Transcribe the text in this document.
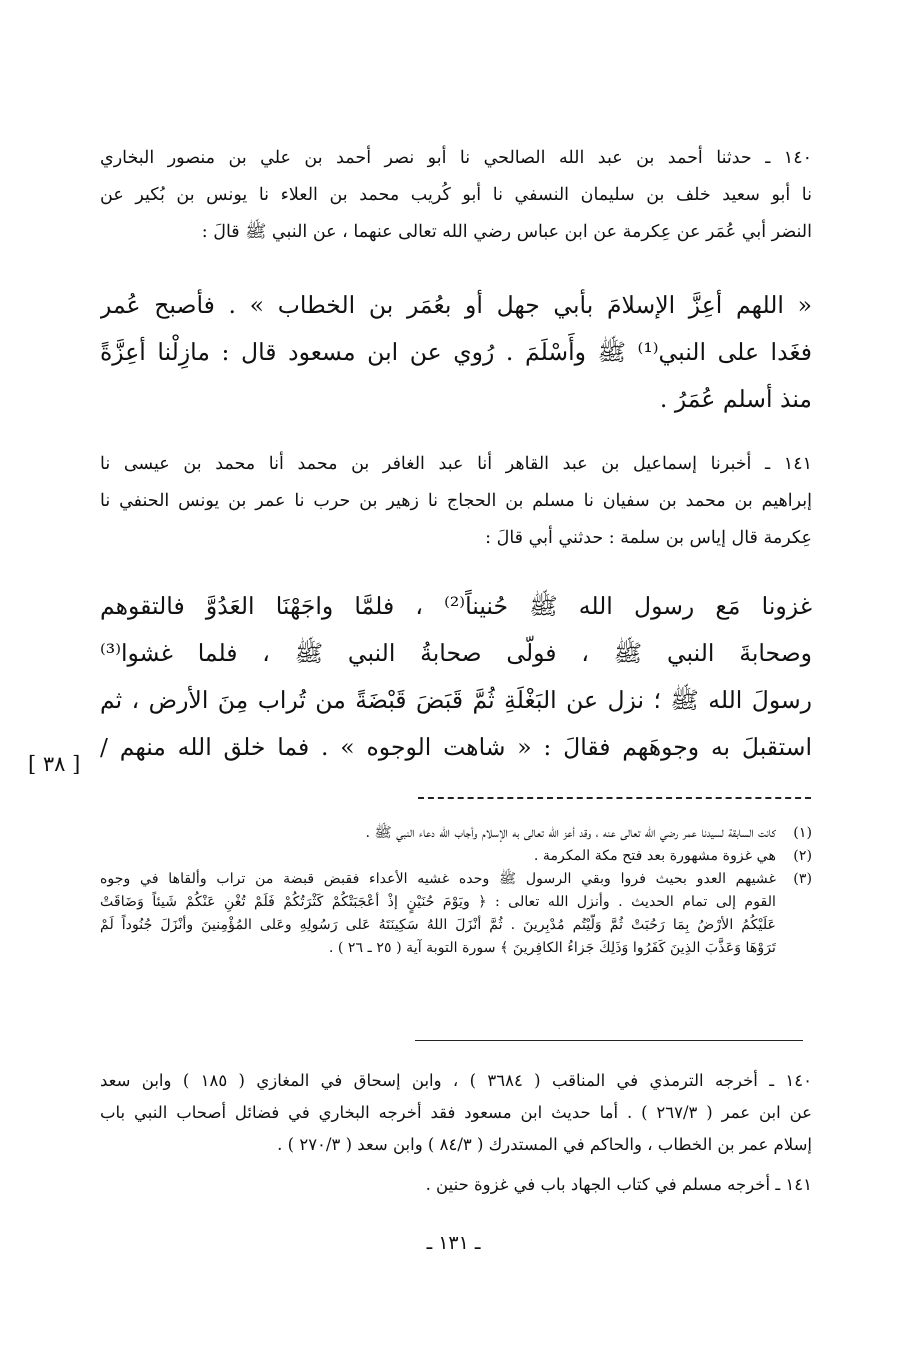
١٤٠ ـ حدثنا أحمد بن عبد الله الصالحي نا أبو نصر أحمد بن علي بن منصور البخاري
نا أبو سعيد خلف بن سليمان النسفي نا أبو كُريب محمد بن العلاء نا يونس بن بُكير عن
النضر أبي عُمَر عن عِكرمة عن ابن عباس رضي الله تعالى عنهما ، عن النبي ﷺ قالَ :
« اللهم أعِزَّ الإسلامَ بأبي جهل أو بعُمَر بن الخطاب » . فأصبح عُمر
فغَدا على النبي⁽¹⁾ ﷺ وأَسْلَمَ . رُوي عن ابن مسعود قال : مازِلْنا أعِزَّةً
منذ أسلم عُمَرُ .
١٤١ ـ أخبرنا إسماعيل بن عبد القاهر أنا عبد الغافر بن محمد أنا محمد بن عيسى نا
إبراهيم بن محمد بن سفيان نا مسلم بن الحجاج نا زهير بن حرب نا عمر بن يونس الحنفي نا
عِكرمة قال إياس بن سلمة : حدثني أبي قالَ :
غزونا مَع رسول الله ﷺ حُنيناً⁽²⁾ ، فلمَّا واجَهْنَا العَدُوَّ فالتقوهم
وصحابةَ النبي ﷺ ، فولّى صحابةُ النبي ﷺ ، فلما غشوا⁽³⁾
رسولَ الله ﷺ ؛ نزل عن البَغْلَةِ ثُمَّ قَبَضَ قَبْضَةً من تُراب مِنَ الأرض ، ثم
استقبلَ به وجوهَهم فقالَ : « شاهت الوجوه » . فما خلق الله منهم /
[ ٣٨ ]
(١)
كانت السابقة لسيدنا عمر رضي الله تعالى عنه ، وقد أعز الله تعالى به الإسلام وأجاب الله دعاء النبي ﷺ .
(٢)
هي غزوة مشهورة بعد فتح مكة المكرمة .
(٣)
غشيهم العدو بحيث فروا وبقي الرسول ﷺ وحده غشيه الأعداء فقبض قبضة من تراب وألقاها في وجوه
القوم إلى تمام الحديث . وأنزل الله تعالى : ﴿ ويَوْمَ حُنَيْنٍ إذْ أعْجَبَتْكُمْ كَثْرَتُكُمْ فَلَمْ تُغْنِ عَنْكُمْ شَيئاً وَضَاقَتْ
عَلَيْكُمُ الأرْضُ بِمَا رَحُبَتْ ثُمَّ وَلَّيْتُم مُدْبِرينَ . ثُمَّ أنْزَلَ اللهُ سَكِينَتَهُ عَلى رَسُولِهِ وعَلى المُؤْمِنينَ وأنْزَلَ جُنُوداً لَمْ
تَرَوْهَا وَعَذَّبَ الذِينَ كَفَرُوا وَذَلِكَ جَزاءُ الكافِرينَ ﴾ سورة التوبة آية ( ٢٥ ـ ٢٦ ) .
١٤٠ ـ أخرجه الترمذي في المناقب ( ٣٦٨٤ ) ، وابن إسحاق في المغازي ( ١٨٥ ) وابن سعد
عن ابن عمر ( ٢٦٧/٣ ) . أما حديث ابن مسعود فقد أخرجه البخاري في فضائل أصحاب النبي باب
إسلام عمر بن الخطاب ، والحاكم في المستدرك ( ٨٤/٣ ) وابن سعد ( ٢٧٠/٣ ) .
١٤١ ـ أخرجه مسلم في كتاب الجهاد باب في غزوة حنين .
ـ ١٣١ ـ
